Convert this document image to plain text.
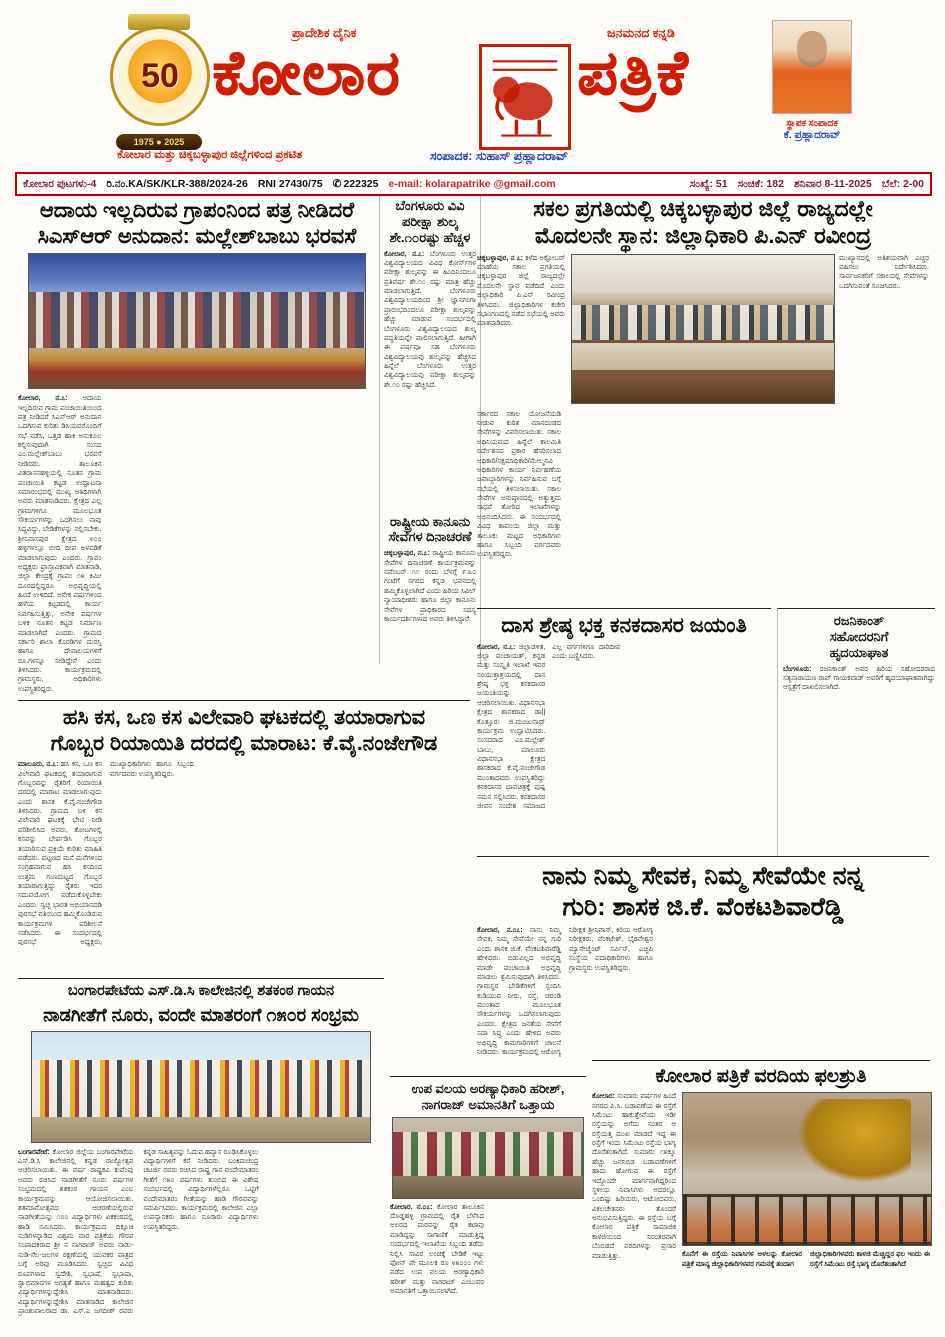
50
1975 ● 2025
ಪ್ರಾದೇಶಿಕ ದೈನಿಕ	ಜನಮನದ ಕನ್ನಡಿ
ಕೋಲಾರ	ಪತ್ರಿಕೆ
ಕೋಲಾರ ಮತ್ತು ಚಿಕ್ಕಬಳ್ಳಾಪುರ ಜಿಲ್ಲೆಗಳಿಂದ ಪ್ರಕಟಿತ	ಸಂಪಾದಕ: ಸುಹಾಸ್ ಪ್ರಹ್ಲಾದರಾವ್
ಸ್ಥಾಪಕ ಸಂಪಾದಕ
ಕೆ. ಪ್ರಹ್ಲಾದರಾವ್
ಕೋಲಾರ ಪುಟಗಳು-4 ರಿ.ನಂ.KA/SK/KLR-388/2024-26 RNI 27430/75 ✆ 222325 e-mail: kolarapatrike @gmail.com	ಸಂಖ್ಯೆ: 51 ಸಂಚಿಕೆ: 182 ಶನಿವಾರ 8-11-2025 ಬೆಲೆ: 2-00
ಆದಾಯ ಇಲ್ಲದಿರುವ ಗ್ರಾಪಂನಿಂದ ಪತ್ರ ನೀಡಿದರೆ
ಸಿಎಸ್‌ಆರ್ ಅನುದಾನ: ಮಲ್ಲೇಶ್‌ಬಾಬು ಭರವಸೆ
ಕೋಲಾರ, ನ.೭: ಆದಾಯ ಇಲ್ಲದಿರುವ ಗ್ರಾಮ ಪಂಚಾಯಿತಿಯಿಂದ ಪತ್ರ ನೀಡಿದರೆ ಸಿಎಸ್‌ಆರ್ ಅನುದಾನ ಒದಗಿಸುವ ಕುರಿತು ಡಿಸಿಯವರೊಂದಿಗೆ ಸಭೆ ನಡೆಸಿ, ಒತ್ತಡ ಹಾಕಿ ಅನುಕೂಲ ಕಲ್ಪಿಸುವುದಾಗಿ ಸಂಸದ ಎಂ.ಮಲ್ಲೇಶ್‌ಬಾಬು ಭರವಸೆ ನೀಡಿದರು. ತಾಲೂಕಿನ ವಿತರಾಸನಹಳ್ಳಿಯಲ್ಲಿ ನೂತನ ಗ್ರಾಮ ಪಂಚಾಯಿತಿ ಕಟ್ಟಡ ಉದ್ಘಾಟನಾ ಸಮಾರಂಭದಲ್ಲಿ ಮುಖ್ಯ ಅತಿಥಿಗಳಾಗಿ ಅವರು ಮಾತನಾಡಿದರು. ಕ್ಷೇತ್ರದ ಎಲ್ಲ ಗ್ರಾಮಗಳಿಗೂ ಮೂಲಭೂತ ಸೌಕರ್ಯಗಳನ್ನು ಒದಗಿಸಲು ನಾವು ಸಿದ್ಧವಿದ್ದು, ಬೇಡಿಕೆಗಳನ್ನು ಸಲ್ಲಿಸಬೇಕು. ಶ್ರೀನಿವಾಸಪುರ ಕ್ಷೇತ್ರದ ೪೦೦ ಹಳ್ಳಿಗಳಲ್ಲೂ ಬೀದಿ ದೀಪ ಅಳವಡಿಕೆ ಮಾಡಲಾಗುವುದು ಎಂದರು. ಗ್ರಾಪಂ ಅಧ್ಯಕ್ಷರು ಪ್ರಾಸ್ತಾವಿಕವಾಗಿ ಮಾತನಾಡಿ, ಜಿಲ್ಲಾ ಕೇಂದ್ರಕ್ಕೆ ಗ್ರಾಪಂ ೧೫ ಕಿಮೀ ದೂರದಲ್ಲಿದ್ದರೂ ಅಭಿವೃದ್ಧಿಯಲ್ಲಿ ಹಿಂದೆ ಉಳಿದಿದೆ. ಅನೇಕ ವರ್ಷಗಳಿಂದ ಹಳೆಯ ಕಟ್ಟಡದಲ್ಲಿ ಕಾರ್ಯ ನಿರ್ವಹಿಸುತ್ತಿತ್ತು, ಅನೇಕ ವರ್ಷಗಳ ಬಳಿಕ ನೂತನ ಕಟ್ಟಡ ನಿರ್ಮಾಣ ಮಾಡಲಾಗಿದೆ ಎಂದರು. ಗ್ರಾಮದ ಸರ್ಕಾರಿ ಶಾಲಾ ಕೊಠಡಿಗಳ ದುರಸ್ತಿ ಹಾಗೂ ದೇವಾಲಯಗಳಿಗೆ ರೂ.ಗಳನ್ನೂ ನೀಡಿದ್ದೇನೆ ಎಂದು ತಿಳಿಸಿದರು. ಕಾರ್ಯಕ್ರಮದಲ್ಲಿ ಗ್ರಾಮಸ್ಥರು, ಅಧಿಕಾರಿಗಳು ಉಪಸ್ಥಿತರಿದ್ದರು.
ಬೆಂಗಳೂರು ವಿವಿ
ಪರೀಕ್ಷಾ ಶುಲ್ಕ
ಶೇ.೧೦ರಷ್ಟು ಹೆಚ್ಚಳ
ಕೋಲಾರ, ನ.೭: ಬೆಂಗಳೂರು ಉತ್ತರ ವಿಶ್ವವಿದ್ಯಾಲಯದ ವಿವಿಧ ಕೋರ್ಸ್‌ಗಳ ಪರೀಕ್ಷಾ ಶುಲ್ಕವನ್ನು ಈ ಹಿಂದಿನಿಂದಲೂ ಪ್ರತಿವರ್ಷ ಶೇ.೧೦ ರಷ್ಟು ಮಾತ್ರ ಹೆಚ್ಚು ಮಾಡಲಾಗುತ್ತಿದೆ. ಬೆಂಗಳೂರು ವಿಶ್ವವಿದ್ಯಾಲಯದಿಂದ ಶ್ರೀ ಜ್ಞಾನಗಂಗಾ ಪ್ರಾರಂಭದಿಂದಲೂ ಪರೀಕ್ಷಾ ಶುಲ್ಕವನ್ನು ಹೆಚ್ಚು ಮಾಡುವ ಸಂದರ್ಭದಲ್ಲಿ ಬೆಂಗಳೂರು ವಿಶ್ವವಿದ್ಯಾಲಯದ ಶುಲ್ಕ ಪದ್ಧತಿಯನ್ನೇ ಪಾಲಿಸಲಾಗುತ್ತಿದೆ. ಹೀಗಾಗಿ ಈ ವರ್ಷವೂ ಸಹ ಬೆಂಗಳೂರು ವಿಶ್ವವಿದ್ಯಾಲಯವು ಶುಲ್ಕವನ್ನು ಹೆಚ್ಚಿಸಿದ ಹಿನ್ನೆಲೆ ಬೆಂಗಳೂರು ಉತ್ತರ ವಿಶ್ವವಿದ್ಯಾಲಯವು ಪರೀಕ್ಷಾ ಶುಲ್ಕವನ್ನು ಶೇ.೧೦ ರಷ್ಟು ಹೆಚ್ಚಿಸಿದೆ.
ರಾಷ್ಟ್ರೀಯ ಕಾನೂನು
ಸೇವೆಗಳ ದಿನಾಚರಣೆ
ಚಿಕ್ಕಬಳ್ಳಾಪುರ, ನ.೭: ರಾಷ್ಟ್ರೀಯ ಕಾನೂನು ಸೇವೆಗಳ ದಿನಾಚರಣೆ ಕಾರ್ಯಕ್ರಮವನ್ನು ನವೆಂಬರ್ ೧೧ ರಂದು ಬೆಳಗ್ಗೆ ೯.೩೦ ಗಂಟೆಗೆ ನಗರದ ಕನ್ನಡ ಭವನದಲ್ಲಿ ಹಮ್ಮಿಕೊಳ್ಳಲಾಗಿದೆ ಎಂದು ಹಿರಿಯ ಸಿವಿಲ್ ನ್ಯಾಯಾಧೀಶರು ಹಾಗೂ ಜಿಲ್ಲಾ ಕಾನೂನು ಸೇವೆಗಳ ಪ್ರಾಧಿಕಾರದ ಸದಸ್ಯ ಕಾರ್ಯದರ್ಶಿಗಳಾದ ಅವರು ತಿಳಿಸಿದ್ದಾರೆ.
ಸಕಲ ಪ್ರಗತಿಯಲ್ಲಿ ಚಿಕ್ಕಬಳ್ಳಾಪುರ ಜಿಲ್ಲೆ ರಾಜ್ಯದಲ್ಲೇ
ಮೊದಲನೇ ಸ್ಥಾನ: ಜಿಲ್ಲಾಧಿಕಾರಿ ಪಿ.ಎನ್ ರವೀಂದ್ರ
ಚಿಕ್ಕಬಳ್ಳಾಪುರ, ನ ೭: ಕಳೆದ ಅಕ್ಟೋಬರ್ ಮಾಹೆಯ ಸಕಾಲ ಪ್ರಗತಿಯಲ್ಲಿ ಚಿಕ್ಕಬಳ್ಳಾಪುರ ಜಿಲ್ಲೆ ರಾಜ್ಯದಲ್ಲೇ ಮೊದಲನೇ ಸ್ಥಾನ ಪಡೆದಿದೆ ಎಂದು ಜಿಲ್ಲಾಧಿಕಾರಿ ಪಿ.ಎನ್ ರವೀಂದ್ರ ತಿಳಿಸಿದರು. ಜಿಲ್ಲಾಧಿಕಾರಿಗಳ ಕಚೇರಿ ಸಭಾಂಗಣದಲ್ಲಿ ನಡೆದ ಸಭೆಯಲ್ಲಿ ಅವರು ಮಾತನಾಡಿದರು.
ಮುಖ್ಯಾನದಲ್ಲಿ ಅತಿಶಯವಾಗಿ ಎಚ್ಚರ ವಹಿಸಲು ನಿರ್ದೇಶಿಸಿದರು. ಸಾರ್ವಜನಿಕರಿಗೆ ಸಕಾಲದಲ್ಲಿ ಸೇವೆಗಳನ್ನು ಒದಗಿಸುವಂತೆ ಸೂಚಿಸಿದರು.
ಸರ್ಕಾರದ ಸಕಾಲ ಯೋಜನೆಯಡಿ ನೀಡುವ ಕುರಿತ ಮಾನದಂಡದ ಸೇವೆಗಳನ್ನು ವಿವರಿಸಲಾಯಿತು. ಸಕಾಲ ಅಧಿನಿಯಮದ ಹಿನ್ನೆಲೆ ಕಾಲಮಿತಿ ನಿರ್ದೇಶನದ ಪ್ರಕಾರ ಹೆಸರಿಸಲಾದ ಅಧಿಕಾರಿ/ಸಕ್ಷಮಾಧಿಕಾರಿ/ಮೇಲ್ಮನವಿ ಅಧಿಕಾರಿಗಳ ಕಾರ್ಯ ನಿರ್ವಹಣೆಯ ಜವಾಬ್ದಾರಿಗಳನ್ನು ನಿರ್ವಹಿಸುವ ಬಗ್ಗೆ ಸಭೆಯಲ್ಲಿ ತಿಳಿಸಲಾಯಿತು. ಸಕಾಲ ಸೇವೆಗಳ ಅನುಷ್ಠಾನದಲ್ಲಿ ಅತ್ಯುತ್ತಮ ಸಾಧನೆ ತೋರಿದ ಇಲಾಖೆಗಳನ್ನು ಅಭಿನಂದಿಸಿದರು. ಈ ಸಂದರ್ಭದಲ್ಲಿ ವಿವಿಧ ತಾಪಂಯ ಜಿಲ್ಲಾ ಮತ್ತು ತಾಲೂಕು ಮಟ್ಟದ ಅಧಿಕಾರಿಗಳು ಹಾಗೂ ಸಿಬ್ಬಂದಿ ವರ್ಗದವರು ಉಪಸ್ಥಿತರಿದ್ದರು.
ದಾಸ ಶ್ರೇಷ್ಠ ಭಕ್ತ ಕನಕದಾಸರ ಜಯಂತಿ
ಕೋಲಾರ, ನ.೭: ಜಿಲ್ಲಾಡಳಿತ, ಜಿಲ್ಲಾ ಪಂಚಾಯತ್, ಕನ್ನಡ ಮತ್ತು ಸಂಸ್ಕೃತಿ ಇಲಾಖೆ ಇವರ ಸಂಯುಕ್ತಾಶ್ರಯದಲ್ಲಿ ದಾಸ ಶ್ರೇಷ್ಠ ಭಕ್ತ ಕನಕದಾಸರ ಜಯಂತಿಯನ್ನು ಆಚರಿಸಲಾಯಿತು. ವಿಧಾನಸಭಾ ಕ್ಷೇತ್ರದ ಶಾಸಕರಾದ ಡಾ|| ಕೊತ್ತೂರು ಜಿ.ಮಂಜುನಾಥ್ ಕಾರ್ಯಕ್ರಮ ಉದ್ಘಾಟಿಸಿದರು. ಸಂಸದರಾದ ಎಂ.ಮಲ್ಲೇಶ್ ಬಾಬು, ಮಾಲೂರು ವಿಧಾನಸಭಾ ಕ್ಷೇತ್ರದ ಶಾಸಕರಾದ ಕೆ.ವೈ.ನಂಜೇಗೌಡ ಮುಂತಾದವರು ಉಪಸ್ಥಿತರಿದ್ದು ಕನಕದಾಸರ ಭಾವಚಿತ್ರಕ್ಕೆ ಪುಷ್ಪ ನಮನ ಸಲ್ಲಿಸಿದರು. ಕನಕದಾಸರ ಜೀವನ ಸಂದೇಶ ಸಮಾಜದ ಎಲ್ಲ ವರ್ಗಗಳಿಗೂ ದಾರಿದೀಪ ಎಂದು ಬಣ್ಣಿಸಿದರು.
ರಜನಿಕಾಂತ್
ಸಹೋದರನಿಗೆ
ಹೃದಯಾಘಾತ
ಬೆಂಗಳೂರು: ರಜನಿಕಾಂತ್ ಅವರ ಹಿರಿಯ ಸಹೋದರರಾದ ಸತ್ಯನಾರಾಯಣ ರಾವ್ ಗಾಯಕವಾಡ್ ಅವರಿಗೆ ಹೃದಯಾಘಾತವಾಗಿದ್ದು ಆಸ್ಪತ್ರೆಗೆ ದಾಖಲಿಸಲಾಗಿದೆ.
ಹಸಿ ಕಸ, ಒಣ ಕಸ ವಿಲೇವಾರಿ ಘಟಕದಲ್ಲಿ ತಯಾರಾಗುವ
ಗೊಬ್ಬರ ರಿಯಾಯಿತಿ ದರದಲ್ಲಿ ಮಾರಾಟ: ಕೆ.ವೈ.ನಂಜೇಗೌಡ
ಮಾಲೂರು, ನ.೭: ಹಸಿ ಕಸ, ಒಣ ಕಸ ವಿಲೇವಾರಿ ಘಟಕದಲ್ಲಿ ತಯಾರಾಗುವ ಗೊಬ್ಬರವನ್ನು ರೈತರಿಗೆ ರಿಯಾಯಿತಿ ದರದಲ್ಲಿ ಮಾರಾಟ ಮಾಡಲಾಗುವುದು ಎಂದು ಶಾಸಕ ಕೆ.ವೈ.ನಂಜೇಗೌಡ ತಿಳಿಸಿದರು. ಗ್ರಾಮದ ಬಳಿ ಕಸ ವಿಲೇವಾರಿ ಘಟಕಕ್ಕೆ ಭೇಟಿ ನೀಡಿ ಪರಿಶೀಲಿಸಿದ ಅವರು, ತೋಟಗಳಲ್ಲಿ ಕಸವನ್ನು ಬೇರ್ಪಡಿಸಿ ಗೊಬ್ಬರ ತಯಾರಿಸುವ ಪ್ರಕ್ರಿಯೆ ಕುರಿತು ಮಾಹಿತಿ ಪಡೆದರು. ಪಟ್ಟಣದ ಮನೆ ಮನೆಗಳಿಂದ ಸಂಗ್ರಹವಾಗುವ ಹಸಿ ಕಸದಿಂದ ಉತ್ತಮ ಗುಣಮಟ್ಟದ ಗೊಬ್ಬರ ತಯಾರಾಗುತ್ತಿದ್ದು ರೈತರು ಇದರ ಸದುಪಯೋಗ ಪಡೆದುಕೊಳ್ಳಬೇಕು ಎಂದರು. ಸ್ವಚ್ಛ ಭಾರತ ಅಭಿಯಾನದಡಿ ಪುರಸಭೆ ವತಿಯಿಂದ ಹಮ್ಮಿಕೊಂಡಿರುವ ಕಾರ್ಯಕ್ರಮಗಳ ಪರಿಶೀಲನೆ ನಡೆಸಿದರು. ಈ ಸಂದರ್ಭದಲ್ಲಿ ಪುರಸಭೆ ಅಧ್ಯಕ್ಷರು, ಮುಖ್ಯಾಧಿಕಾರಿಗಳು ಹಾಗೂ ಸಿಬ್ಬಂದಿ ವರ್ಗದವರು ಉಪಸ್ಥಿತರಿದ್ದರು.
ನಾನು ನಿಮ್ಮ ಸೇವಕ, ನಿಮ್ಮ ಸೇವೆಯೇ ನನ್ನ
ಗುರಿ: ಶಾಸಕ ಜಿ.ಕೆ. ವೆಂಕಟಶಿವಾರೆಡ್ಡಿ
ಕೋಲಾರ, ನ.೦೭: ನಾನು ನಿಮ್ಮ ಸೇವಕ, ನಿಮ್ಮ ಸೇವೆಯೇ ನನ್ನ ಗುರಿ ಎಂದು ಶಾಸಕ ಜಿ.ಕೆ. ವೆಂಕಟಶಿವಾರೆಡ್ಡಿ ಹೇಳಿದರು. ಬಿಡುವಿಲ್ಲದ ಅಭಿವೃದ್ಧಿ ಮಾಡೇ ಪಂಚಾಯಿತಿ ಅಭಿವೃದ್ಧಿ ಮಾಡಲು ಶ್ರಮಿಸುವುದಾಗಿ ತಿಳಿಸಿದರು. ಗ್ರಾಮಸ್ಥರ ಬೇಡಿಕೆಗಳಿಗೆ ಸ್ಪಂದಿಸಿ ಕುಡಿಯುವ ನೀರು, ರಸ್ತೆ, ಚರಂಡಿ ಮುಂತಾದ ಮೂಲಭೂತ ಸೌಕರ್ಯಗಳನ್ನು ಒದಗಿಸಲಾಗುವುದು ಎಂದರು. ಕ್ಷೇತ್ರದ ಜನತೆಯ ಸೇವೆಗೆ ಸದಾ ಸಿದ್ಧ ಎಂದು ಹೇಳಿದ ಅವರು ಅಭಿವೃದ್ಧಿ ಕಾಮಗಾರಿಗಳಿಗೆ ಚಾಲನೆ ನೀಡಿದರು. ಕಾರ್ಯಕ್ರಮದಲ್ಲಿ ಆರೋಗ್ಯ ನಿರೀಕ್ಷಕ ಶ್ರೀನಿವಾಸ್, ಕಿರಿಯ ಆರೋಗ್ಯ ನಿರೀಕ್ಷಕರು, ವೆಂಕಟೇಶ್, ಭೈರವೇಶ್ವರ ಮ್ಯಾನೇಜ್ಮೆಂಟ್ ಸರ್ವಿಸ್, ಎಚ್ಜಿಪಿ ಸಂಸ್ಥೆಯ ಪದಾಧಿಕಾರಿಗಳು ಹಾಗೂ ಗ್ರಾಮಸ್ಥರು ಉಪಸ್ಥಿತರಿದ್ದರು.
ಬಂಗಾರಪೇಟೆಯ ಎಸ್.ಡಿ.ಸಿ ಕಾಲೇಜಿನಲ್ಲಿ ಶತಕಂಠ ಗಾಯನ
ನಾಡಗೀತೆಗೆ ನೂರು, ವಂದೇ ಮಾತರಂಗೆ ೧೫೦ರ ಸಂಭ್ರಮ
ಬಂಗಾರಪೇಟೆ: ಕೋಲಾರ ಜಿಲ್ಲೆಯ ಬಂಗಾರಪೇಟೆಯ ಎಸ್.ಡಿ.ಸಿ ಕಾಲೇಜಿನಲ್ಲಿ ಕನ್ನಡ ರಾಜ್ಯೋತ್ಸವ ಆಚರಿಸಲಾಯಿತು. ಈ ವರ್ಷ ರಾಷ್ಟ್ರಕವಿ ಕುವೆಂಪು ಅವರು ರಚಿಸಿದ ನಾಡಗೀತೆಗೆ ನೂರು ವರ್ಷಗಳ ಸಂಭ್ರಮದಲ್ಲಿ ಶತಕಂಠ ಗಾಯನ ಎಂಬ ಕಾರ್ಯಕ್ರಮವನ್ನು ಆಯೋಜಿಸಲಾಯಿತು. ಶತಮಾನೋತ್ಸವದ ಆಚರಣೆಯಲ್ಲಿರುವ ನಾಡಗೀತೆಯನ್ನು ೧೦೦ ವಿದ್ಯಾರ್ಥಿಗಳು ಏಕಕಂಠದಲ್ಲಿ ಹಾಡಿ ನಮಿಸಿದರು. ಕಾರ್ಯಕ್ರಮದ ದಿಕ್ಸೂಚಿ ನುಡಿಗಳನ್ನಾಡಿದ ವಿಶ್ವಮ ವಾರ ಪತ್ರಿಕೆಯ ಗೌರವ ಸಂಪಾದಕರಾದ ಶ್ರೀ ನ ನಾಗರಾಜ್ ಅವರು ನಾಡು-ನುಡಿ-ನೆಲ-ಜಲಗಳ ರಕ್ಷಣೆಯಲ್ಲಿ ಯುವಕರ ಪಾತ್ರದ ಬಗ್ಗೆ ಅರಿವು ಮೂಡಿಸಿದರು. ಸ್ವಚ್ಛದ ವಿವಿಧ ರೂಪಗಳಾದ ಸ್ವದೇಶಿ, ಸ್ವಭಾಷೆ, ಸ್ವಭಾಷಾ, ಸ್ವಾಭಿಮಾನಗಳ ಅಗತ್ಯತೆ ಹಾಗೂ ಮಹತ್ವದ ಕುರಿತು ವಿದ್ಯಾರ್ಥಿಗಳನ್ನುದ್ದೇಶಿಸಿ ಮಾತನಾಡಿದರು. ವಿದ್ಯಾರ್ಥಿಗಳನ್ನುದ್ದೇಶಿಸಿ ಮಾತನಾಡಿದ ಕಾಲೇಜಿನ ಪ್ರಾಂಶುಪಾಲರಾದ ಡಾ. ಎಸ್.ಎ ಜಗದೀಶ್ ರವರು ಕನ್ನಡ ಸಾಹಿತ್ಯವನ್ನು ಓದುವ ಹವ್ಯಾಸ ರೂಢಿಸಿಕೊಳ್ಳಲು ವಿದ್ಯಾರ್ಥಿಗಳಿಗೆ ಕರೆ ನೀಡಿದರು. ಬಂಕಿಮಚಂದ್ರ ಚಟರ್ಜಿ ರವರು ರಚಿಸಿದ ರಾಷ್ಟ್ರ ಗಾನ ವಂದೇಮಾತರಂ ಗೀತೆಗೆ ೧೫೦ ವರ್ಷಗಳು ತುಂಬಿದ ಈ ವಿಶೇಷ ಸಂದರ್ಭದಲ್ಲಿ ವಿದ್ಯಾರ್ಥಿಗಳೆಲ್ಲರೂ ಒಟ್ಟಿಗೆ ವಂದೇಮಾತರಂ ಗೀತೆಯನ್ನು ಹಾಡಿ ಗೌರವವನ್ನು ಸಮರ್ಪಿಸಿದರು. ಕಾರ್ಯಕ್ರಮದಲ್ಲಿ ಕಾಲೇಜಿನ ಎಲ್ಲಾ ಉಪನ್ಯಾಸಕರು ಹಾಗೂ ನೂರಾರು ವಿದ್ಯಾರ್ಥಿಗಳು ಉಪಸ್ಥಿತರಿದ್ದರು.
ಉಪ ವಲಯ ಅರಣ್ಯಾಧಿಕಾರಿ ಹರೀಶ್,
ನಾಗರಾಜ್ ಅಮಾನತಿಗೆ ಒತ್ತಾಯ
ಕೋಲಾರ, ನ.೦೭: ಕೋಲಾರ ತಾಲೂಕಿನ ದೊಡ್ಡಹಳ್ಳಿ ಗ್ರಾಮದಲ್ಲಿ ರೈತ ಬೆಳೆಸಿದ ಅಲರದ ಮರವನ್ನು ರೈತ ಕಟಾವು ಮಾಡಿದ್ದನ್ನು ಸಾಗಾಣಿಕೆ ಮಾಡುತ್ತಿದ್ದ ಸಂದರ್ಭದಲ್ಲಿ ಇಲಾಖೆಯ ಸಿಬ್ಬಂದಿ ತಡೆದು ನಿಲ್ಲಿಸಿ ಸಾವಿರ ಲಂಚಕ್ಕೆ ಬೇಡಿಕೆ ಇಟ್ಟು ಫೋನ್ ಪೇ ಮೂಲಕ ರೂ ೪೫೦೦೦ ಗಳು ಪಡೆದ ಉಪ ವಲಯ ಅರಣ್ಯಾಧಿಕಾರಿ ಹರೀಶ್ ಮತ್ತು ನಾಗರಾಜ್ ಎಂಬುವರ ಅಮಾನತಿಗೆ ಒತ್ತಾಯಿಸಲಾಗಿದೆ.
ಕೋಲಾರ ಪತ್ರಿಕೆ ವರದಿಯ ಫಲಶ್ರುತಿ
ಕೋಲಾರ: ಸುಮಾರು ವರ್ಷಗಳ ಹಿಂದೆ ನಗರದ ಪಿ.ಸಿ. ಬಡಾವಣೆಯ ಈ ರಸ್ತೆಗೆ ಸಿಮೆಂಟು ಹಾಕುತ್ತೇವೆಂದು ಇಡೀ ರಸ್ತೆಯನ್ನು ಅಗೆದು ನಂತರ ಆ ರಸ್ತೆಯತ್ತ ಮುಖ ಮಾಡದೆ ಇದ್ದ ಈ ರಸ್ತೆಗೆ ಇಂದು ಸಿಮೆಂಟು ರಸ್ತೆಯ ಭಾಗ್ಯ ದೊರೆತಂತಾಗಿದೆ. ಸುಮಾರು ೧೫ಕ್ಕೂ ಹೆಚ್ಚು ಜನನಿಬಿಡ ಬಡಾವಣೆಗಳಿಗೆ ಹಾದು ಹೋಗುವ ಈ ರಸ್ತೆಗೆ ಇದ್ದೊಂದೇ ಮಾರ್ಗವಾಗಿದ್ದರಿಂದ ಸ್ಥಳೀಯ ನಿವಾಸಿಗಳು ಅದರಲ್ಲೂ ಒಂದಿಷ್ಟು ಹಿರಿಯರು, ಆಟೋದವರು, ವಿಕಲಚೇತನರು ತೊಂದರೆ ಅನುಭವಿಸುತ್ತಿದ್ದರು. ಈ ರಸ್ತೆಯ ಬಗ್ಗೆ ಕೋಲಾರ ಪತ್ರಿಕೆ ಸಾಮಾಜಿಕ ಕಾಳಜಿಯಿಂದ ನಿರಂತರವಾಗಿ ಬೆಂಬಿಡದೆ ವರದಿಗಳನ್ನು ಪ್ರಸಾರ ಮಾಡುತ್ತಿತ್ತು.	ಕೊನೆಗೆ ಈ ರಸ್ತೆಯ ನಿವಾಸಿಗಳ ಅಳಲನ್ನು ಕೋಲಾರ ಪತ್ರಿಕೆ ಮಾನ್ಯ ಜಿಲ್ಲಾಧಿಕಾರಿಗಳವರ ಗಮನಕ್ಕೆ ತಂದಾಗ
ಜಿಲ್ಲಾಧಿಕಾರಿಗಳವರು ಕಾಳಜಿ ಮೆಚ್ಚಿದ್ದರ ಫಲ ಇಂದು ಈ ರಸ್ತೆಗೆ ಸಿಮೆಂಟು ರಸ್ತೆ ಭಾಗ್ಯ ದೊರೆತಂತಾಗಿದೆ
